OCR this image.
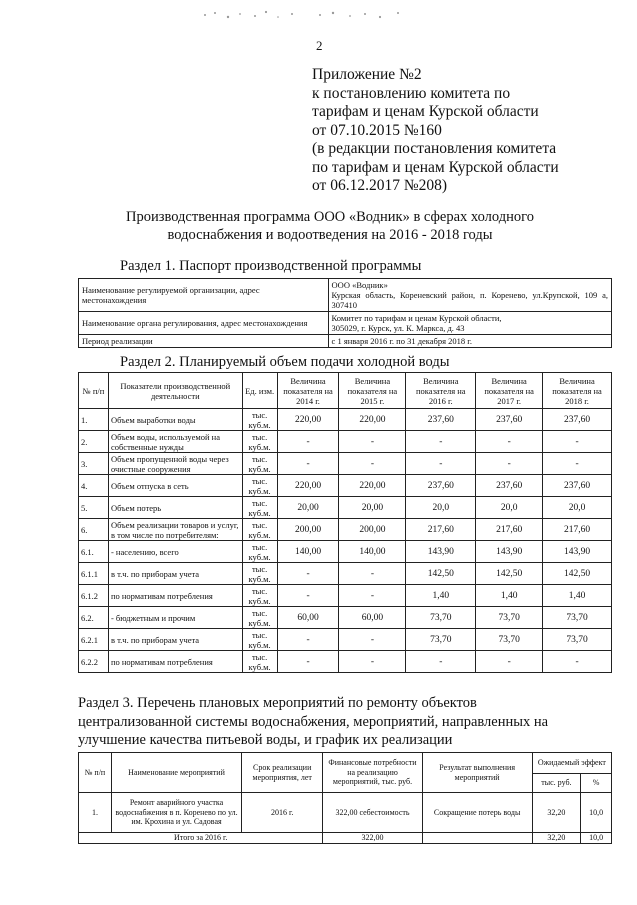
2
Приложение №2
к постановлению комитета по
тарифам и ценам Курской области
от 07.10.2015 №160
(в редакции постановления комитета
по тарифам и ценам Курской области
от 06.12.2017 №208)
Производственная программа ООО «Водник» в сферах холодного
водоснабжения и водоотведения на 2016 - 2018 годы
Раздел 1. Паспорт производственной программы
Наименование регулируемой организации, адрес местонахождения	ООО «Водник»
Курская область, Кореневский район, п. Коренево, ул.Крупской, 109 а, 307410

Наименование органа регулирования, адрес местонахождения	Комитет по тарифам и ценам Курской области,
305029, г. Курск, ул. К. Маркса, д. 43

Период реализации	с 1 января 2016 г. по 31 декабря 2018 г.
Раздел 2. Планируемый объем подачи холодной воды
№ п/п	Показатели производственной деятельности	Ед. изм.	Величина показателя на 2014 г.	Величина показателя на 2015 г.	Величина показателя на 2016 г.	Величина показателя на 2017 г.	Величина показателя на 2018 г.
1.	Объем выработки воды	тыс. куб.м.	220,00	220,00	237,60	237,60	237,60
2.	Объем воды, используемой на собственные нужды	тыс. куб.м.	-	-	-	-	-
3.	Объем пропущенной воды через очистные сооружения	тыс. куб.м.	-	-	-	-	-
4.	Объем отпуска в сеть	тыс. куб.м.	220,00	220,00	237,60	237,60	237,60
5.	Объем потерь	тыс. куб.м.	20,00	20,00	20,0	20,0	20,0
6.	Объем реализации товаров и услуг, в том числе по потребителям:	тыс. куб.м.	200,00	200,00	217,60	217,60	217,60
6.1.	- населению, всего	тыс. куб.м.	140,00	140,00	143,90	143,90	143,90
6.1.1	в т.ч. по приборам учета	тыс. куб.м.	-	-	142,50	142,50	142,50
6.1.2	по нормативам потребления	тыс. куб.м.	-	-	1,40	1,40	1,40
6.2.	- бюджетным и прочим	тыс. куб.м.	60,00	60,00	73,70	73,70	73,70
6.2.1	в т.ч. по приборам учета	тыс. куб.м.	-	-	73,70	73,70	73,70
6.2.2	по нормативам потребления	тыс. куб.м.	-	-	-	-	-
Раздел 3. Перечень плановых мероприятий по ремонту объектов
централизованной системы водоснабжения, мероприятий, направленных на
улучшение качества питьевой воды, и график их реализации
№ п/п	Наименование мероприятий	Срок реализации мероприятия, лет	Финансовые потребности на реализацию мероприятий, тыс. руб.	Результат выполнения мероприятий	Ожидаемый эффект	
					тыс. руб.	%
1.	Ремонт аварийного участка водоснабжения в п. Коренево по ул. им. Крохина и ул. Садовая	2016 г.	322,00 себестоимость	Сокращение потерь воды	32,20	10,0
Итого за 2016 г.			322,00		32,20	10,0
